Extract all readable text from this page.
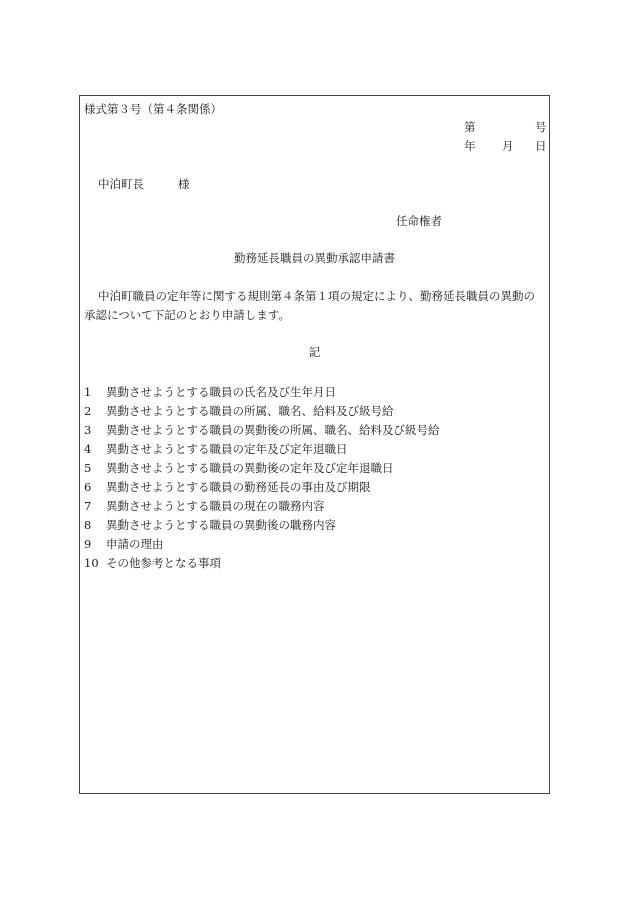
様式第３号（第４条関係）
第	号
年 月 日
中泊町長	様
任命権者
勤務延長職員の異動承認申請書
中泊町職員の定年等に関する規則第４条第１項の規定により、勤務延長職員の異動の承認について下記のとおり申請します。
記
1 異動させようとする職員の氏名及び生年月日
2 異動させようとする職員の所属、職名、給料及び級号給
3 異動させようとする職員の異動後の所属、職名、給料及び級号給
4 異動させようとする職員の定年及び定年退職日
5 異動させようとする職員の異動後の定年及び定年退職日
6 異動させようとする職員の勤務延長の事由及び期限
7 異動させようとする職員の現在の職務内容
8 異動させようとする職員の異動後の職務内容
9 申請の理由
10 その他参考となる事項
